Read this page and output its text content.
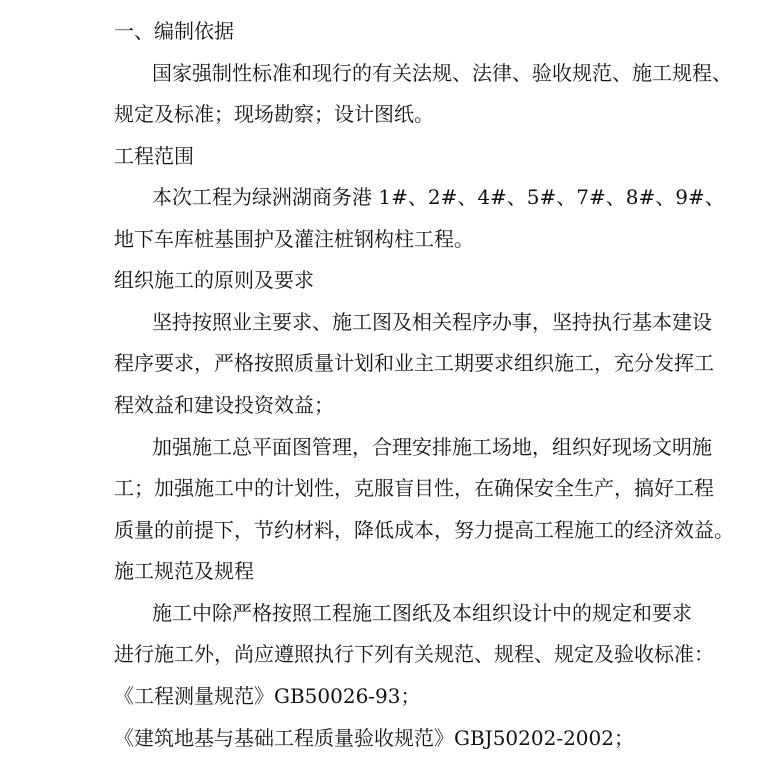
一、编制依据
国家强制性标准和现行的有关法规、法律、验收规范、施工规程、
规定及标准；现场勘察；设计图纸。
工程范围
本次工程为绿洲湖商务港 1#、2#、4#、5#、7#、8#、9#、
地下车库桩基围护及灌注桩钢构柱工程。
组织施工的原则及要求
坚持按照业主要求、施工图及相关程序办事，坚持执行基本建设
程序要求，严格按照质量计划和业主工期要求组织施工，充分发挥工
程效益和建设投资效益；
加强施工总平面图管理，合理安排施工场地，组织好现场文明施
工；加强施工中的计划性，克服盲目性，在确保安全生产，搞好工程
质量的前提下，节约材料，降低成本，努力提高工程施工的经济效益。
施工规范及规程
施工中除严格按照工程施工图纸及本组织设计中的规定和要求
进行施工外，尚应遵照执行下列有关规范、规程、规定及验收标准：
《工程测量规范》GB50026-93；
《建筑地基与基础工程质量验收规范》GBJ50202-2002；
